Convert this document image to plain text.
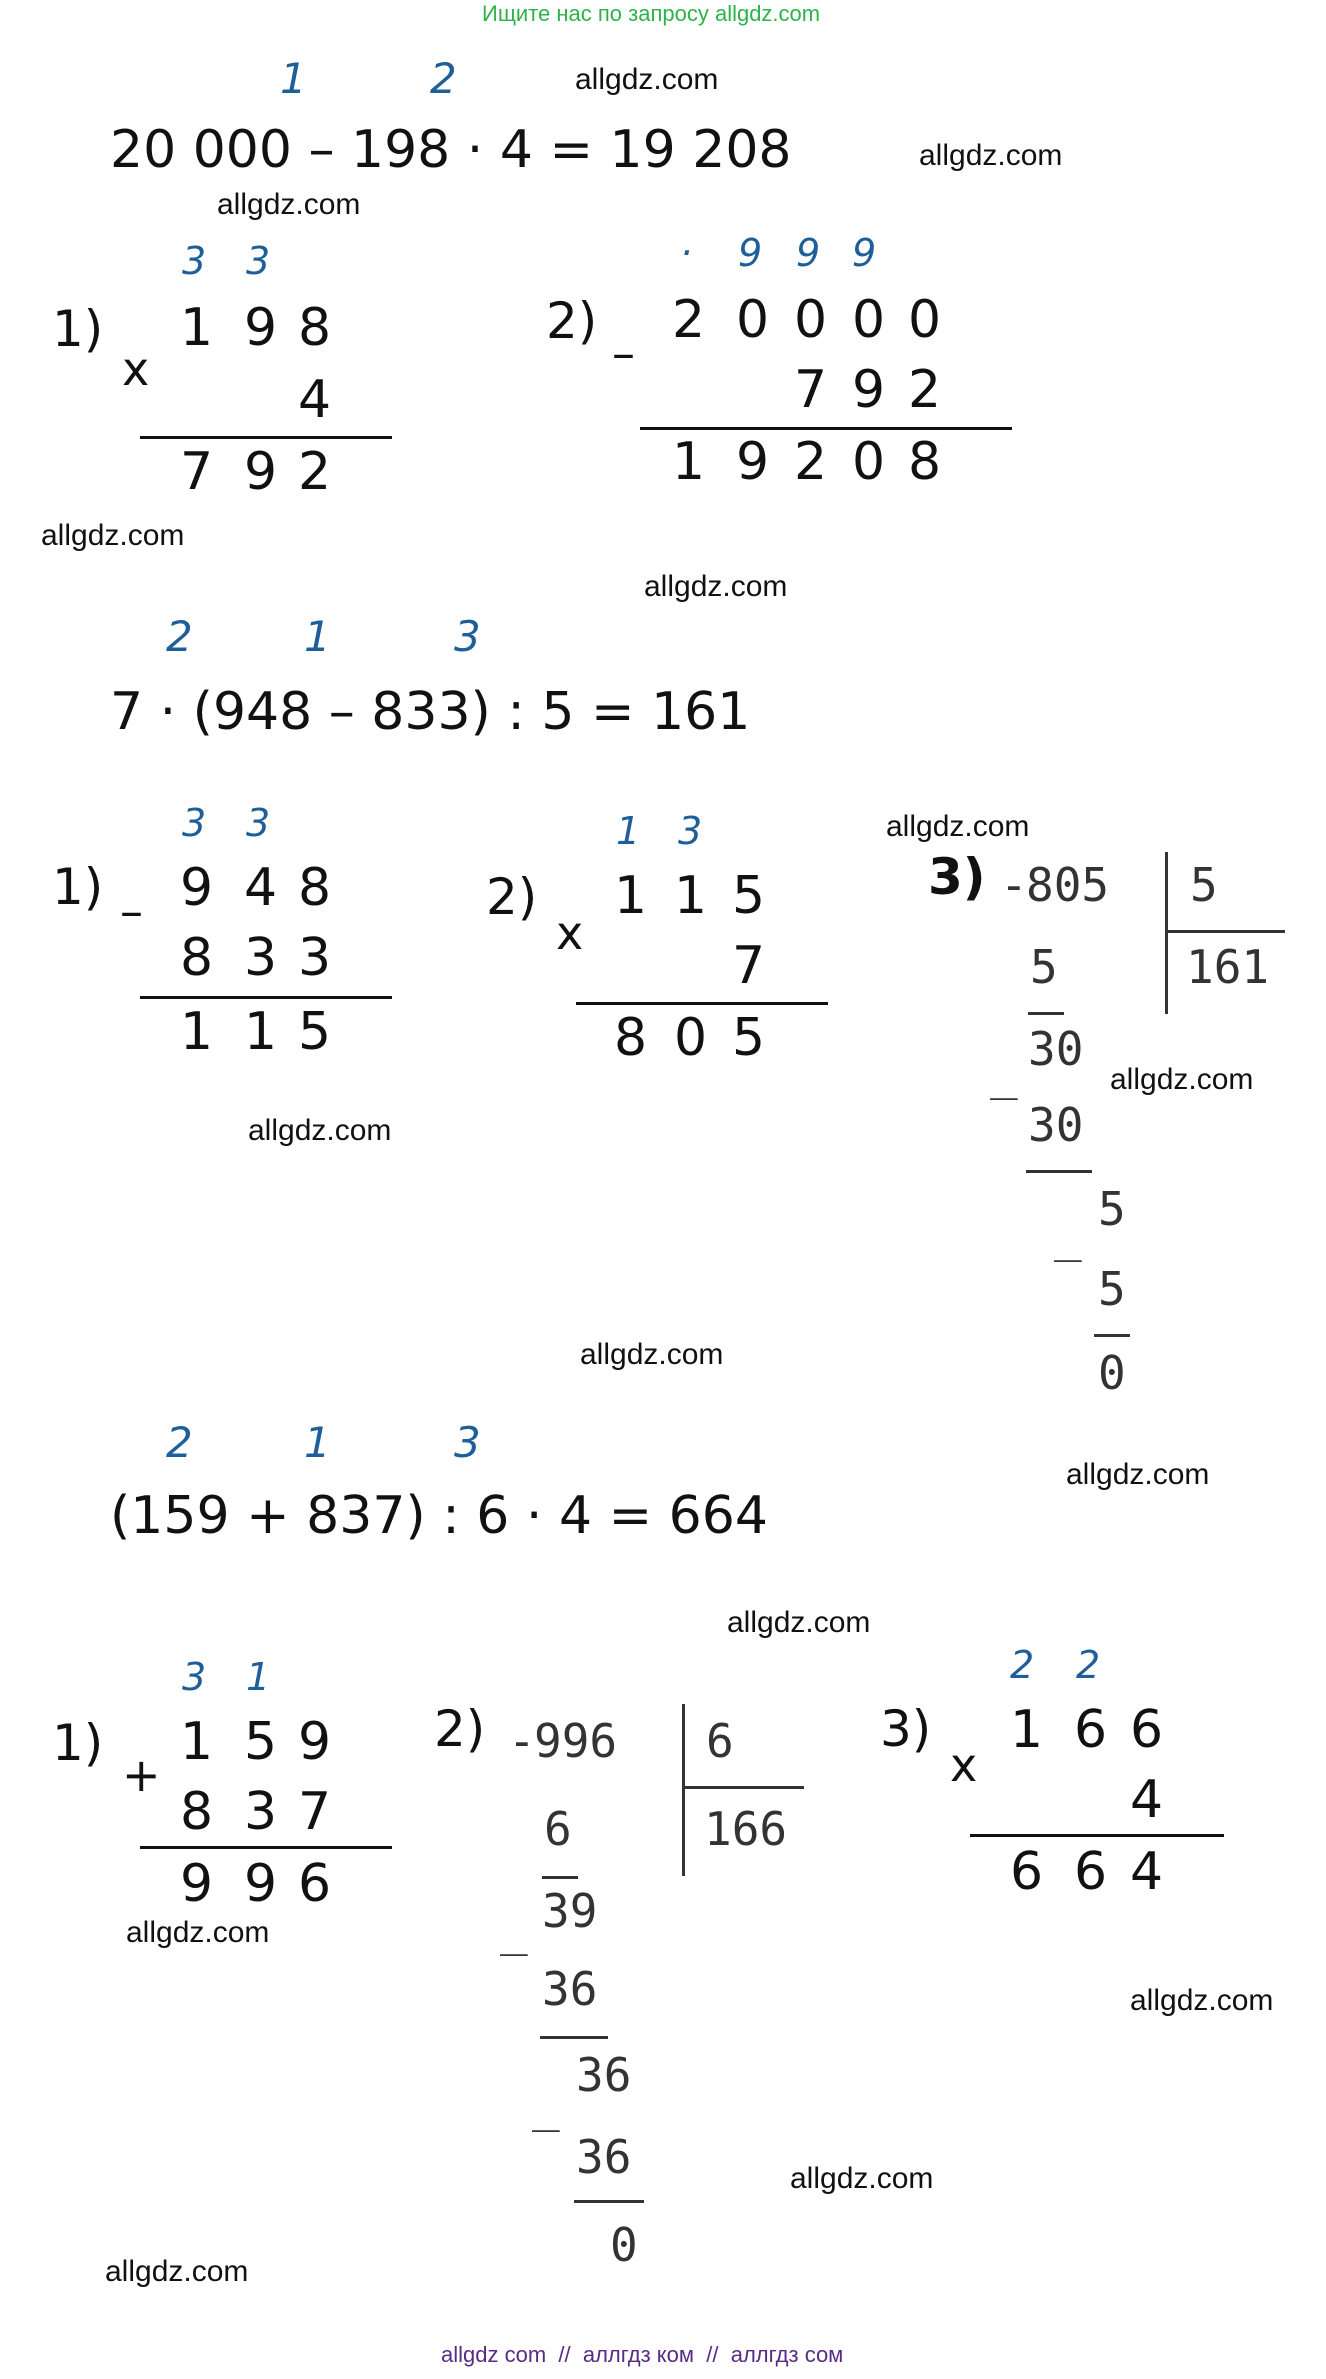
Ищите нас по запросу allgdz.com
allgdz com  //  аллгдз ком  //  аллгдз сом
allgdz.com
allgdz.com
allgdz.com
allgdz.com
allgdz.com
allgdz.com
allgdz.com
allgdz.com
allgdz.com
allgdz.com
allgdz.com
allgdz.com
allgdz.com
allgdz.com
allgdz.com
1	2
20 000 – 198 · 4 = 19 208
1)
x
3 3
1 9 8
4
7 9 2
2)
–
· 9 9 9
2 0 0 0 0
7 9 2
1 9 2 0 8
2	1	3
7 · (948 – 833) : 5 = 161
1) –
3 3
9 4 8
8 3 3
1 1 5
2)
x
1 3
1 1 5
7
8 0 5
3) -
805 5
161
5
_ 30
30
_ 5
5
0
2	1	3
(159 + 837) : 6 · 4 = 664
1)
+
3 1
1 5 9
8 3 7
9 9 6
2) -
996 6
166
6
_ 39
36
_
36
36
0
3)
x
2 2
1 6 6
4
6 6 4
